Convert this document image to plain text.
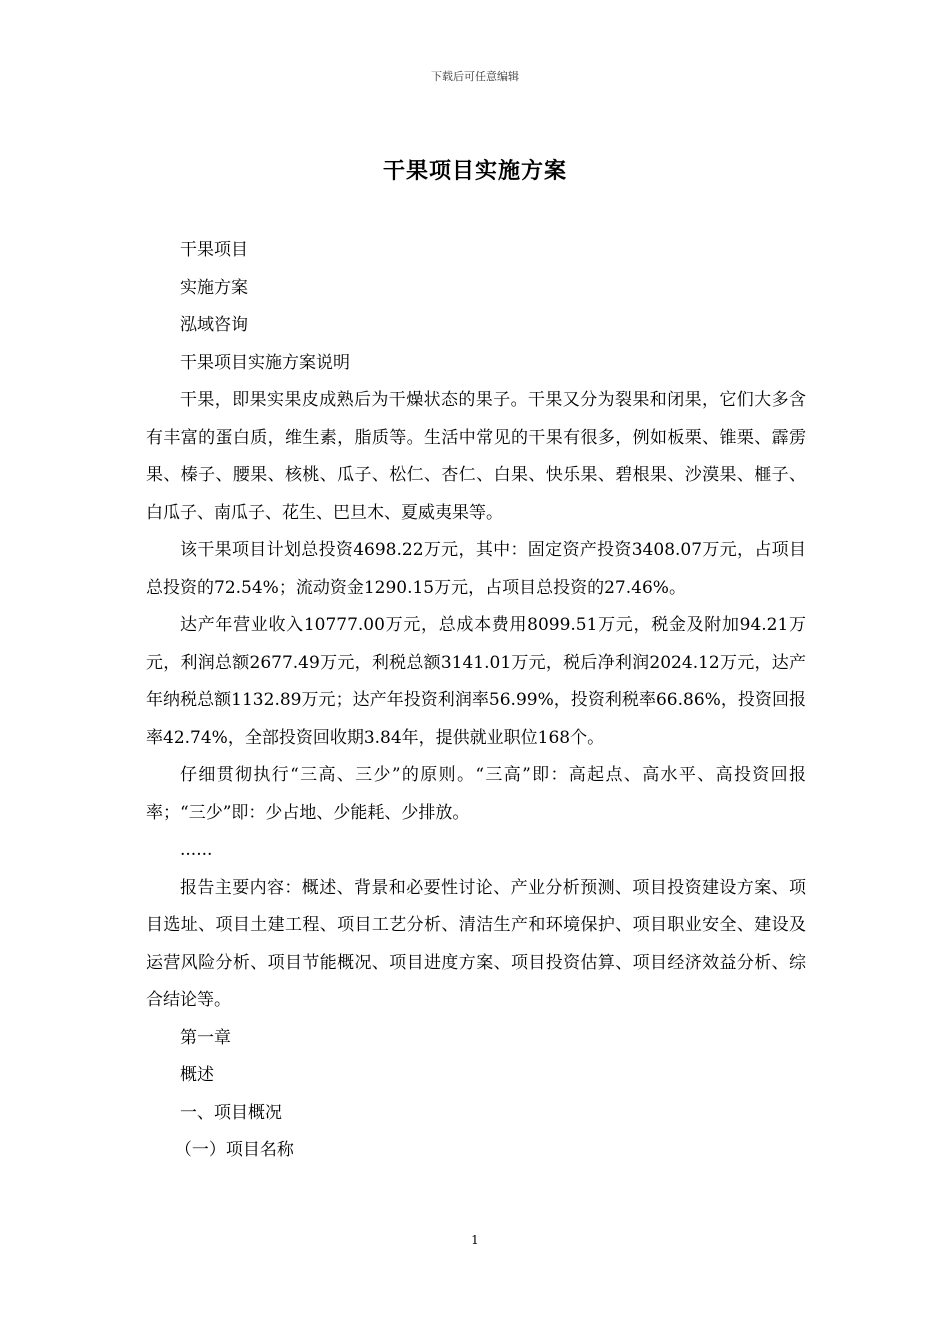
下载后可任意编辑
干果项目实施方案

干果项目

实施方案

泓域咨询

干果项目实施方案说明

干果，即果实果皮成熟后为干燥状态的果子。干果又分为裂果和闭果，它们大多含有丰富的蛋白质，维生素，脂质等。生活中常见的干果有很多，例如板栗、锥栗、霹雳果、榛子、腰果、核桃、瓜子、松仁、杏仁、白果、快乐果、碧根果、沙漠果、榧子、白瓜子、南瓜子、花生、巴旦木、夏威夷果等。

该干果项目计划总投资4698.22万元，其中：固定资产投资3408.07万元，占项目总投资的72.54%；流动资金1290.15万元，占项目总投资的27.46%。

达产年营业收入10777.00万元，总成本费用8099.51万元，税金及附加94.21万元，利润总额2677.49万元，利税总额3141.01万元，税后净利润2024.12万元，达产年纳税总额1132.89万元；达产年投资利润率56.99%，投资利税率66.86%，投资回报率42.74%，全部投资回收期3.84年，提供就业职位168个。

仔细贯彻执行“三高、三少”的原则。“三高”即：高起点、高水平、高投资回报率；“三少”即：少占地、少能耗、少排放。

......

报告主要内容：概述、背景和必要性讨论、产业分析预测、项目投资建设方案、项目选址、项目土建工程、项目工艺分析、清洁生产和环境保护、项目职业安全、建设及运营风险分析、项目节能概况、项目进度方案、项目投资估算、项目经济效益分析、综合结论等。

第一章

概述

一、项目概况

（一）项目名称

1
